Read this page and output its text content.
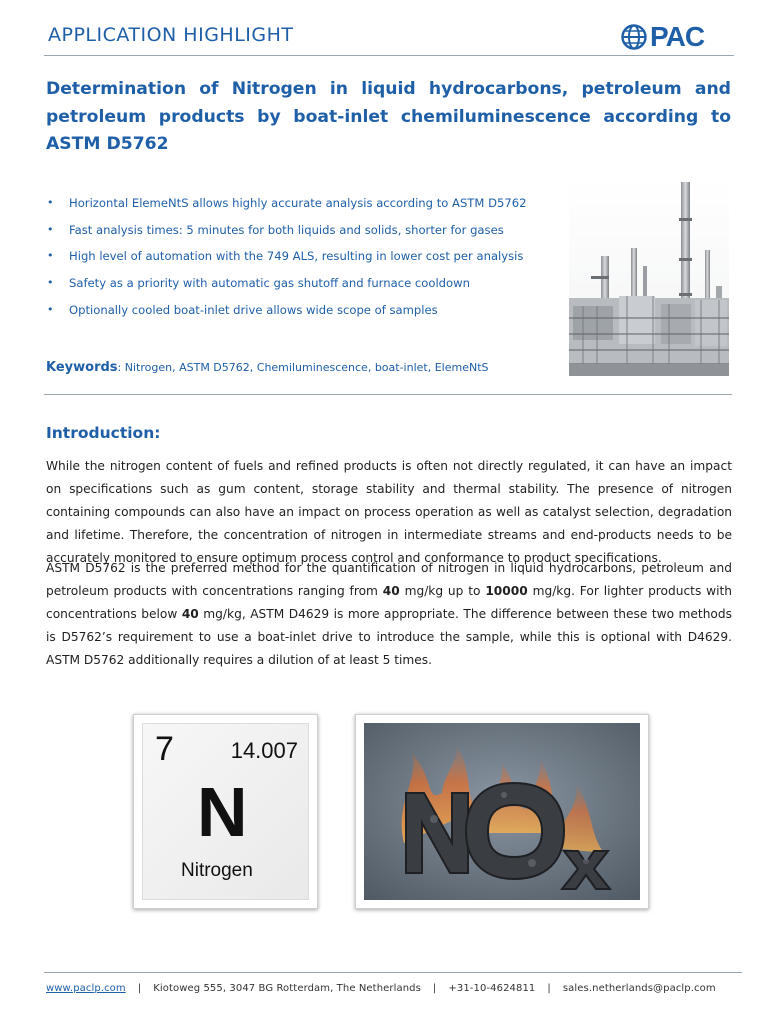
APPLICATION HIGHLIGHT	PAC
Determination of Nitrogen in liquid hydrocarbons, petroleum and petroleum products by boat-inlet chemiluminescence according to ASTM D5762
• Horizontal ElemeNtS allows highly accurate analysis according to ASTM D5762
• Fast analysis times: 5 minutes for both liquids and solids, shorter for gases
• High level of automation with the 749 ALS, resulting in lower cost per analysis
• Safety as a priority with automatic gas shutoff and furnace cooldown
• Optionally cooled boat-inlet drive allows wide scope of samples
Keywords: Nitrogen, ASTM D5762, Chemiluminescence, boat-inlet, ElemeNtS
Introduction:
While the nitrogen content of fuels and refined products is often not directly regulated, it can have an impact on specifications such as gum content, storage stability and thermal stability. The presence of nitrogen containing compounds can also have an impact on process operation as well as catalyst selection, degradation and lifetime. Therefore, the concentration of nitrogen in intermediate streams and end-products needs to be accurately monitored to ensure optimum process control and conformance to product specifications.
ASTM D5762 is the preferred method for the quantification of nitrogen in liquid hydrocarbons, petroleum and petroleum products with concentrations ranging from 40 mg/kg up to 10000 mg/kg. For lighter products with concentrations below 40 mg/kg, ASTM D4629 is more appropriate. The difference between these two methods is D5762’s requirement to use a boat-inlet drive to introduce the sample, while this is optional with D4629. ASTM D5762 additionally requires a dilution of at least 5 times.
7	14.007
N
Nitrogen
www.paclp.com | Kiotoweg 555, 3047 BG Rotterdam, The Netherlands | +31-10-4624811 | sales.netherlands@paclp.com
